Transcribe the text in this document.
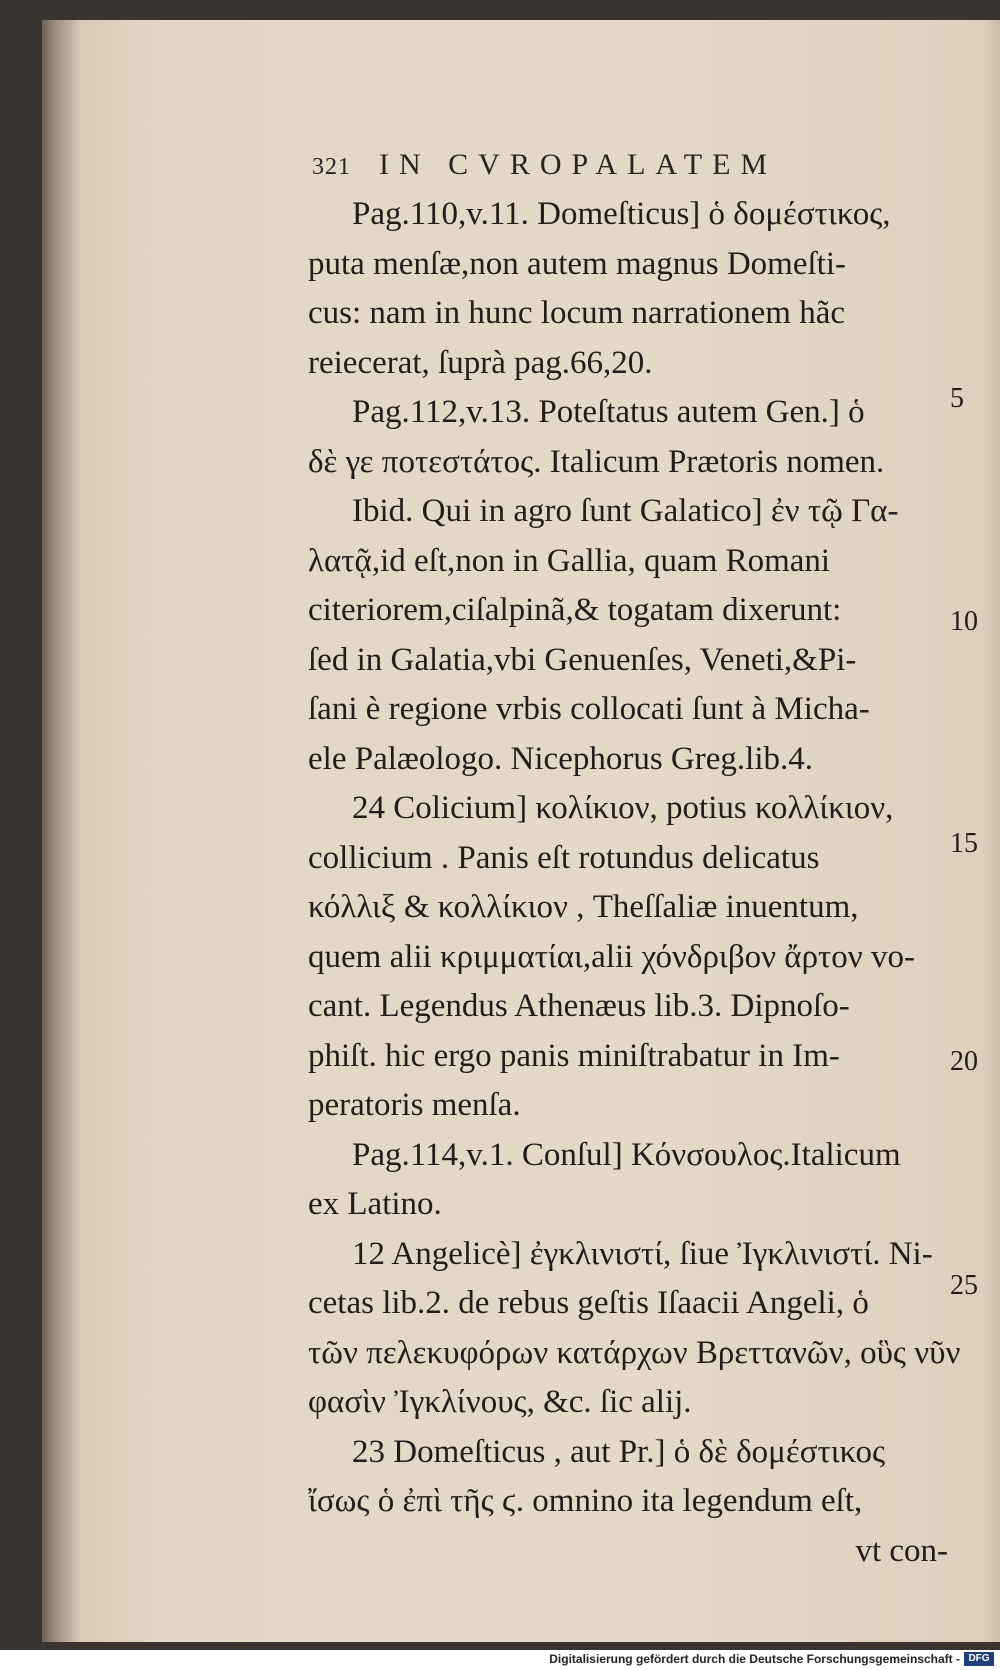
321 IN CVROPALATEM
Pag.110,v.11. Domeſticus] ὁ δομέστικος,
puta menſæ,non autem magnus Domeſti-
cus: nam in hunc locum narrationem hãc
reiecerat, ſuprà pag.66,20.
Pag.112,v.13. Poteſtatus autem Gen.] ὁ
δὲ γε ποτεστάτος. Italicum Prætoris nomen.
Ibid. Qui in agro ſunt Galatico] ἐν τῷ Γα-
λατᾷ,id eſt,non in Gallia, quam Romani
citeriorem,ciſalpinã,& togatam dixerunt:
ſed in Galatia,vbi Genuenſes, Veneti,&Pi-
ſani è regione vrbis collocati ſunt à Micha-
ele Palæologo. Nicephorus Greg.lib.4.
24 Colicium] κολίκιον, potius κολλίκιον,
collicium . Panis eſt rotundus delicatus
κόλλιξ & κολλίκιον , Theſſaliæ inuentum,
quem alii κριμματίαι,alii χόνδριβον ἄρτον vo-
cant. Legendus Athenæus lib.3. Dipnoſo-
phiſt. hic ergo panis miniſtrabatur in Im-
peratoris menſa.
Pag.114,v.1. Conſul] Κόνσουλος.Italicum
ex Latino.
12 Angelicè] ἐγκλινιστί, ſiue Ἰγκλινιστί. Ni-
cetas lib.2. de rebus geſtis Iſaacii Angeli, ὁ
τῶν πελεκυφόρων κατάρχων Βρεττανῶν, οὓς νῦν
φασὶν Ἰγκλίνους, &c. ſic alij.
23 Domeſticus , aut Pr.] ὁ δὲ δομέστικος
ἴσως ὁ ἐπὶ τῆς ϛ. omnino ita legendum eſt,
vt con-
5
10
15
20
25
Digitalisierung gefördert durch die Deutsche Forschungsgemeinschaft - DFG
